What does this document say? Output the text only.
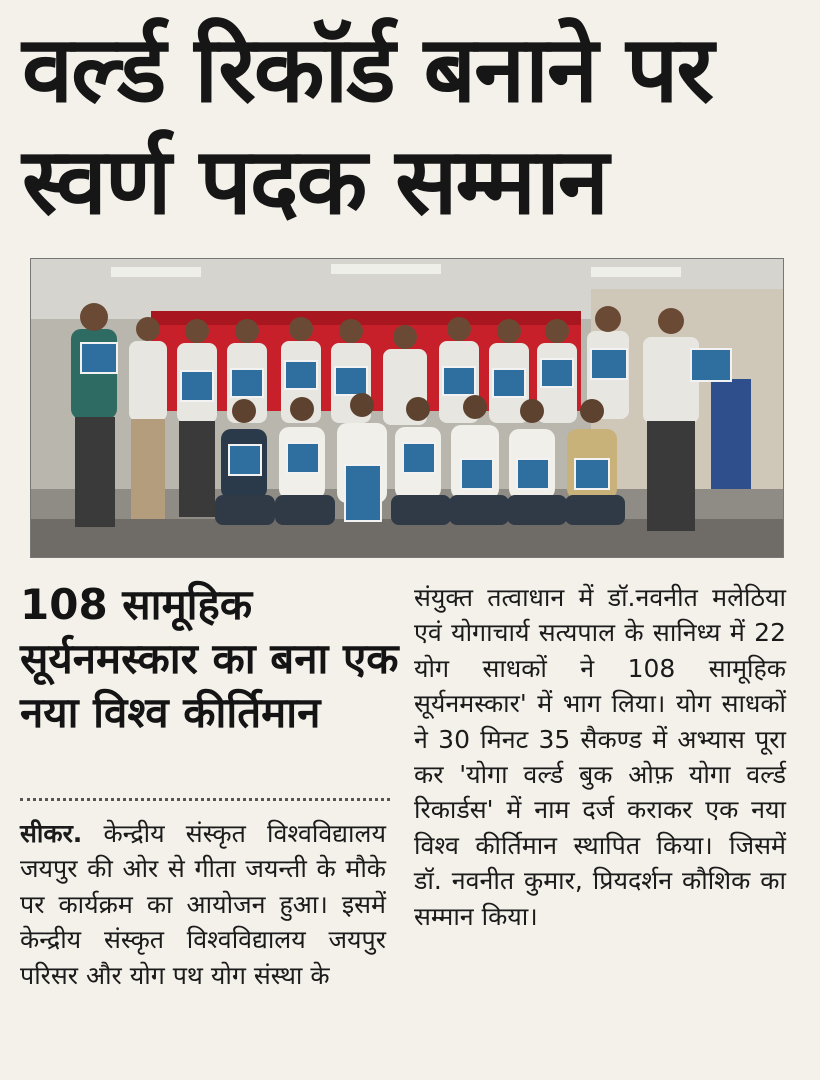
वर्ल्ड रिकॉर्ड बनाने पर स्वर्ण पदक सम्मान
108 सामूहिक सूर्यनमस्कार का बना एक नया विश्व कीर्तिमान
सीकर. केन्द्रीय संस्कृत विश्वविद्यालय जयपुर की ओर से गीता जयन्ती के मौके पर कार्यक्रम का आयोजन हुआ। इसमें केन्द्रीय संस्कृत विश्वविद्यालय जयपुर परिसर और योग पथ योग संस्था के
संयुक्त तत्वाधान में डॉ.नवनीत मलेठिया एवं योगाचार्य सत्यपाल के सानिध्य में 22 योग साधकों ने 108 सामूहिक सूर्यनमस्कार' में भाग लिया। योग साधकों ने 30 मिनट 35 सैकण्ड में अभ्यास पूरा कर 'योगा वर्ल्ड बुक ओफ़ योगा वर्ल्ड रिकार्डस' में नाम दर्ज कराकर एक नया विश्व कीर्तिमान स्थापित किया। जिसमें डॉ. नवनीत कुमार, प्रियदर्शन कौशिक का सम्मान किया।
